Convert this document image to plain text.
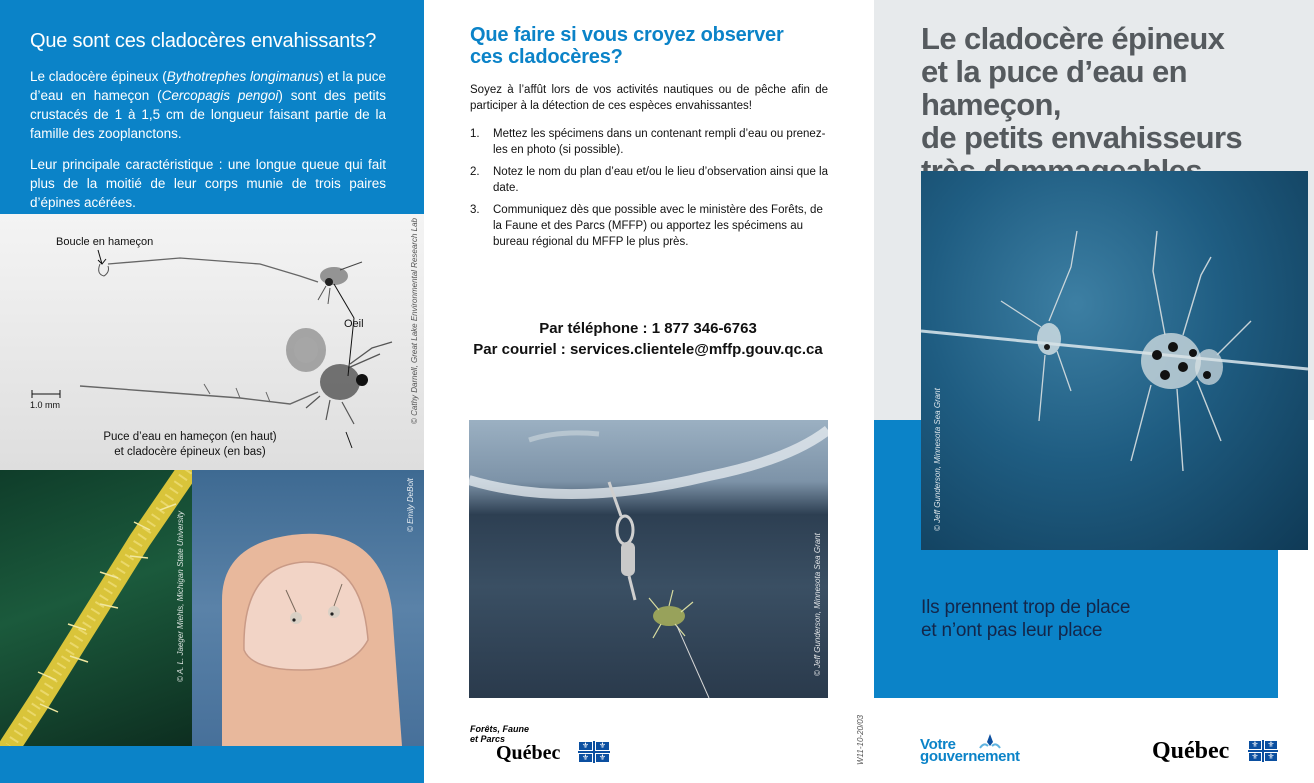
Que sont ces cladocères envahissants?

Le cladocère épineux (Bythotrephes longimanus) et la puce d’eau en hameçon (Cercopagis pengoi) sont des petits crustacés de 1 à 1,5 cm de longueur faisant partie de la famille des zooplanctons.

Leur principale caractéristique : une longue queue qui fait plus de la moitié de leur corps munie de trois paires d’épines acérées.

Boucle en hameçon
Oeil
1.0 mm
Puce d’eau en hameçon (en haut)
et cladocère épineux (en bas)
© Cathy Darnell, Great Lake Environmental Research Lab
© A. L. Jaeger Miehls, Michigan State University
© Emily DeBolt
Que faire si vous croyez observer
ces cladocères?

Soyez à l’affût lors de vos activités nautiques ou de pêche afin de participer à la détection de ces espèces envahissantes!

1. Mettez les spécimens dans un contenant rempli d’eau ou prenez-les en photo (si possible).
2. Notez le nom du plan d’eau et/ou le lieu d’observation ainsi que la date.
3. Communiquez dès que possible avec le ministère des Forêts, de la Faune et des Parcs (MFFP) ou apportez les spécimens au bureau régional du MFFP le plus près.
Par téléphone : 1 877 346-6763
Par courriel : services.clientele@mffp.gouv.qc.ca
© Jeff Gunderson, Minnesota Sea Grant
Forêts, Faune
et Parcs
Québec	⚜	⚜
⚜	⚜	W11-10-20/03
Le cladocère épineux
et la puce d’eau en hameçon,
de petits envahisseurs
© Jeff Gunderson, Minnesota Sea Grant
Ils prennent trop de place
et n’ont pas leur place
Votre
gouvernement	Québec	⚜	⚜
⚜	⚜
